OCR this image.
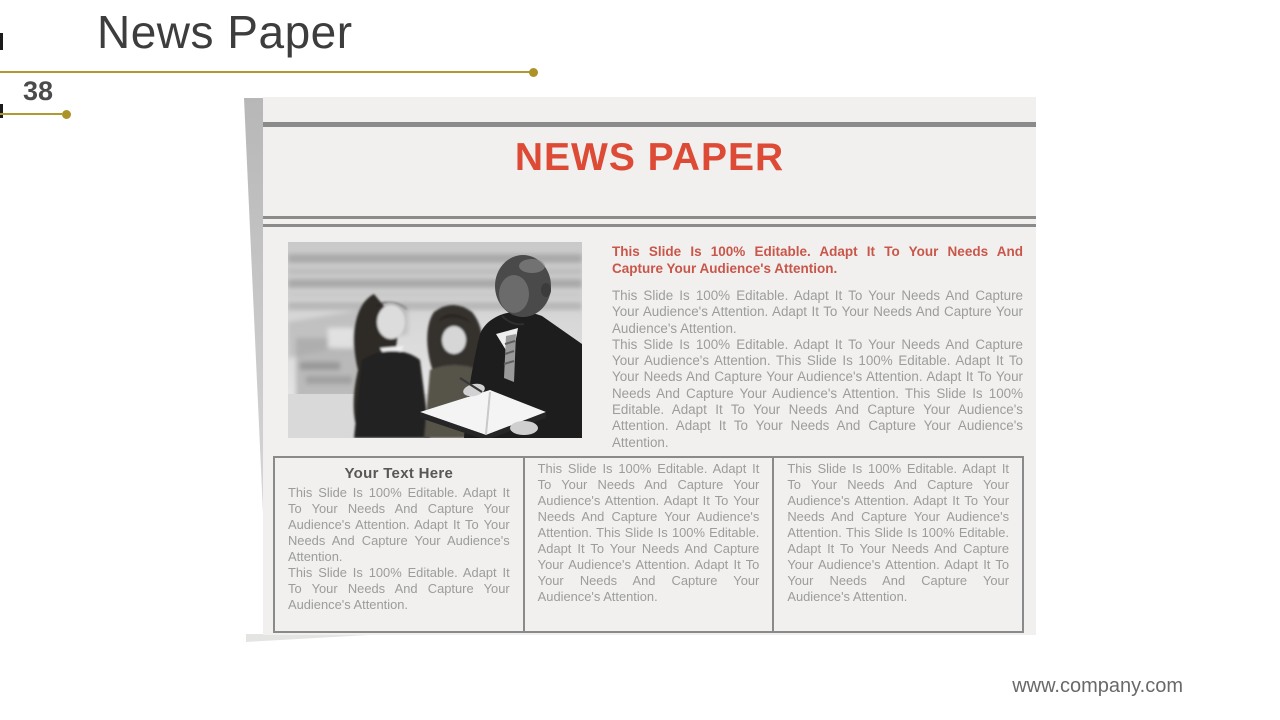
News Paper
38
NEWS PAPER

This Slide Is 100% Editable. Adapt It To Your Needs And Capture Your Audience's Attention.

This Slide Is 100% Editable. Adapt It To Your Needs And Capture Your Audience's Attention. Adapt It To Your Needs And Capture Your Audience's Attention.

This Slide Is 100% Editable. Adapt It To Your Needs And Capture Your Audience's Attention. This Slide Is 100% Editable. Adapt It To Your Needs And Capture Your Audience's Attention. Adapt It To Your Needs And Capture Your Audience's Attention. This Slide Is 100% Editable. Adapt It To Your Needs And Capture Your Audience's Attention. Adapt It To Your Needs And Capture Your Audience's Attention.

Your Text Here

This Slide Is 100% Editable. Adapt It To Your Needs And Capture Your Audience's Attention. Adapt It To Your Needs And Capture Your Audience's Attention.

This Slide Is 100% Editable. Adapt It To Your Needs And Capture Your Audience's Attention.

This Slide Is 100% Editable. Adapt It To Your Needs And Capture Your Audience's Attention. Adapt It To Your Needs And Capture Your Audience's Attention. This Slide Is 100% Editable. Adapt It To Your Needs And Capture Your Audience's Attention. Adapt It To Your Needs And Capture Your Audience's Attention.

This Slide Is 100% Editable. Adapt It To Your Needs And Capture Your Audience's Attention. Adapt It To Your Needs And Capture Your Audience's Attention. This Slide Is 100% Editable. Adapt It To Your Needs And Capture Your Audience's Attention. Adapt It To Your Needs And Capture Your Audience's Attention.

www.company.com
